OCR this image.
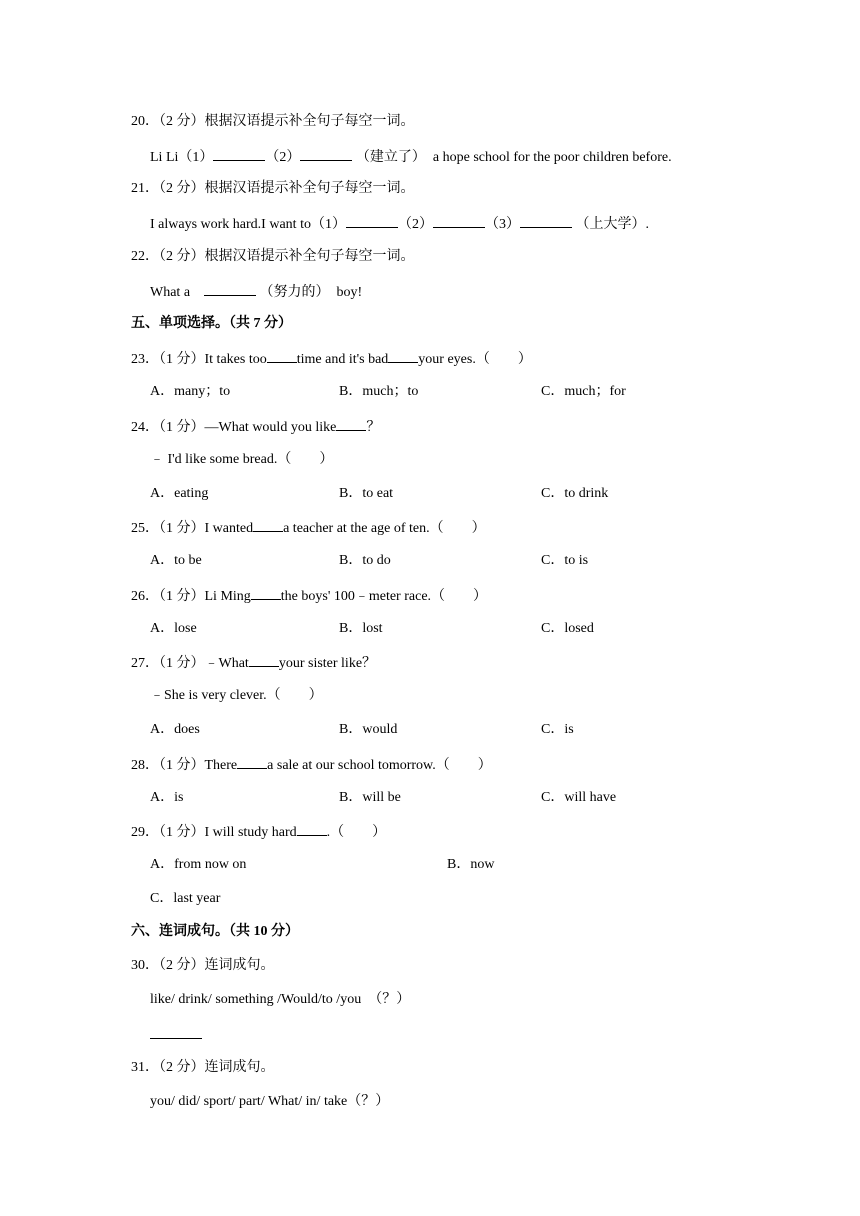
20．（2 分）根据汉语提示补全句子每空一词。
Li Li（1）	（2）	（建立了）  a hope school for the poor children before.
21．（2 分）根据汉语提示补全句子每空一词。
I always work hard.I want to（1）	（2）	（3）	（上大学）.
22．（2 分）根据汉语提示补全句子每空一词。
What a	（努力的）  boy!
五、单项选择。（共 7 分）
23．（1 分）It takes too time and it's bad your eyes.（　　）
A．many；to	B．much；to	C．much；for
24．（1 分）—What would you like ？
﹣ I'd like some bread.（　　）
A．eating	B．to eat	C．to drink
25．（1 分）I wanted a teacher at the age of ten.（　　）
A．to be	B．to do	C．to is
26．（1 分）Li Ming the boys' 100﹣meter race.（　　）
A．lose	B．lost	C．losed
27．（1 分）﹣What your sister like？
﹣She is very clever.（　　）
A．does	B．would	C．is
28．（1 分）There a sale at our school tomorrow.（　　）
A．is	B．will be	C．will have
29．（1 分）I will study hard .（　　）
A．from now on	B．now
C．last year
六、连词成句。（共 10 分）
30．（2 分）连词成句。
like/ drink/ something /Would/to /you  （？）
31．（2 分）连词成句。
you/ did/ sport/ part/ What/ in/ take（？）
